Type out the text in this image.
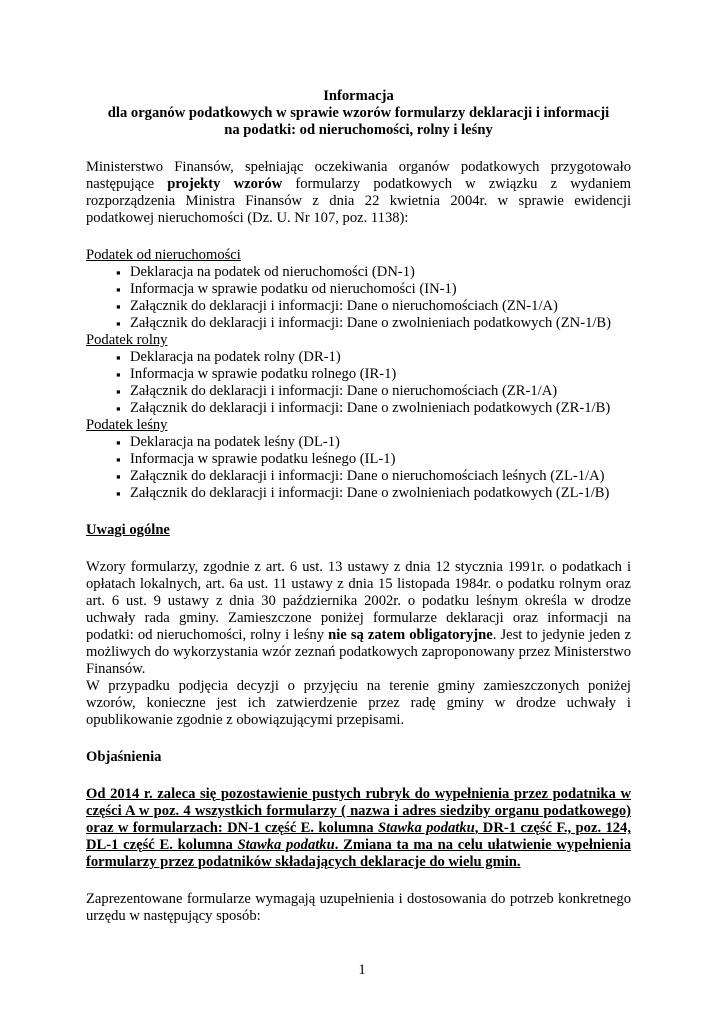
Informacja
dla organów podatkowych w sprawie wzorów formularzy deklaracji i informacji
na podatki: od nieruchomości, rolny i leśny

Ministerstwo Finansów, spełniając oczekiwania organów podatkowych przygotowało następujące projekty wzorów formularzy podatkowych w związku z wydaniem rozporządzenia Ministra Finansów z dnia 22 kwietnia 2004r. w sprawie ewidencji podatkowej nieruchomości (Dz. U. Nr 107, poz. 1138):

Podatek od nieruchomości
▪ Deklaracja na podatek od nieruchomości (DN-1)
▪ Informacja w sprawie podatku od nieruchomości (IN-1)
▪ Załącznik do deklaracji i informacji: Dane o nieruchomościach (ZN-1/A)
▪ Załącznik do deklaracji i informacji: Dane o zwolnieniach podatkowych (ZN-1/B)
Podatek rolny
▪ Deklaracja na podatek rolny (DR-1)
▪ Informacja w sprawie podatku rolnego (IR-1)
▪ Załącznik do deklaracji i informacji: Dane o nieruchomościach (ZR-1/A)
▪ Załącznik do deklaracji i informacji: Dane o zwolnieniach podatkowych (ZR-1/B)
Podatek leśny
▪ Deklaracja na podatek leśny (DL-1)
▪ Informacja w sprawie podatku leśnego (IL-1)
▪ Załącznik do deklaracji i informacji: Dane o nieruchomościach leśnych (ZL-1/A)
▪ Załącznik do deklaracji i informacji: Dane o zwolnieniach podatkowych (ZL-1/B)
Uwagi ogólne

Wzory formularzy, zgodnie z art. 6 ust. 13 ustawy z dnia 12 stycznia 1991r. o podatkach i opłatach lokalnych, art. 6a ust. 11 ustawy z dnia 15 listopada 1984r. o podatku rolnym oraz art. 6 ust. 9 ustawy z dnia 30 października 2002r. o podatku leśnym określa w drodze uchwały rada gminy. Zamieszczone poniżej formularze deklaracji oraz informacji na podatki: od nieruchomości, rolny i leśny nie są zatem obligatoryjne. Jest to jedynie jeden z możliwych do wykorzystania wzór zeznań podatkowych zaproponowany przez Ministerstwo Finansów.

W przypadku podjęcia decyzji o przyjęciu na terenie gminy zamieszczonych poniżej wzorów, konieczne jest ich zatwierdzenie przez radę gminy w drodze uchwały i opublikowanie zgodnie z obowiązującymi przepisami.

Objaśnienia

Od 2014 r. zaleca się pozostawienie pustych rubryk do wypełnienia przez podatnika w części A w poz. 4 wszystkich formularzy ( nazwa i adres siedziby organu podatkowego) oraz w formularzach: DN-1 część E. kolumna Stawka podatku, DR-1 część F., poz. 124, DL-1 część E. kolumna Stawka podatku. Zmiana ta ma na celu ułatwienie wypełnienia formularzy przez podatników składających deklaracje do wielu gmin.

Zaprezentowane formularze wymagają uzupełnienia i dostosowania do potrzeb konkretnego urzędu w następujący sposób:

1
